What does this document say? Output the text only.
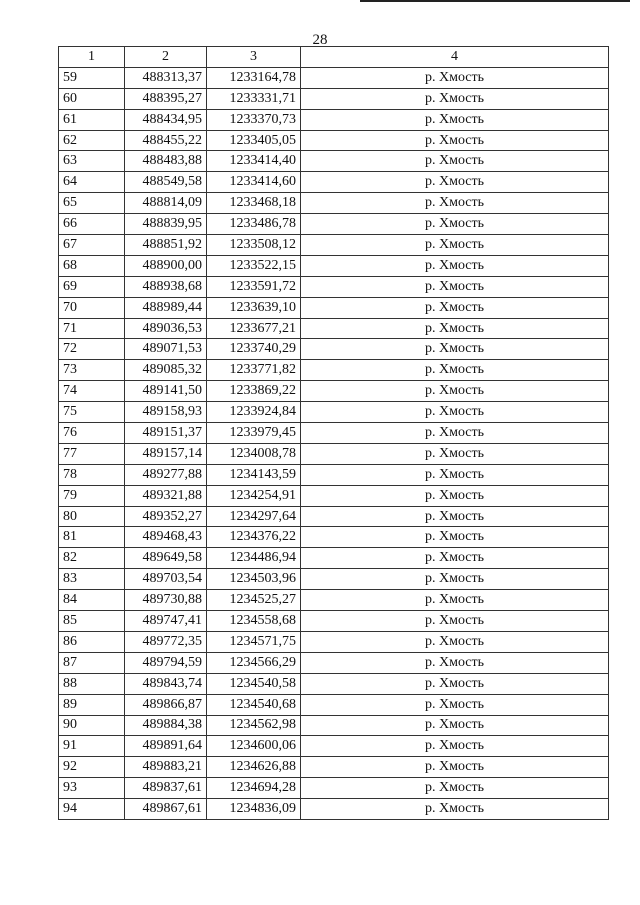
28
1	2	3	4
59	488313,37	1233164,78	р. Хмость
60	488395,27	1233331,71	р. Хмость
61	488434,95	1233370,73	р. Хмость
62	488455,22	1233405,05	р. Хмость
63	488483,88	1233414,40	р. Хмость
64	488549,58	1233414,60	р. Хмость
65	488814,09	1233468,18	р. Хмость
66	488839,95	1233486,78	р. Хмость
67	488851,92	1233508,12	р. Хмость
68	488900,00	1233522,15	р. Хмость
69	488938,68	1233591,72	р. Хмость
70	488989,44	1233639,10	р. Хмость
71	489036,53	1233677,21	р. Хмость
72	489071,53	1233740,29	р. Хмость
73	489085,32	1233771,82	р. Хмость
74	489141,50	1233869,22	р. Хмость
75	489158,93	1233924,84	р. Хмость
76	489151,37	1233979,45	р. Хмость
77	489157,14	1234008,78	р. Хмость
78	489277,88	1234143,59	р. Хмость
79	489321,88	1234254,91	р. Хмость
80	489352,27	1234297,64	р. Хмость
81	489468,43	1234376,22	р. Хмость
82	489649,58	1234486,94	р. Хмость
83	489703,54	1234503,96	р. Хмость
84	489730,88	1234525,27	р. Хмость
85	489747,41	1234558,68	р. Хмость
86	489772,35	1234571,75	р. Хмость
87	489794,59	1234566,29	р. Хмость
88	489843,74	1234540,58	р. Хмость
89	489866,87	1234540,68	р. Хмость
90	489884,38	1234562,98	р. Хмость
91	489891,64	1234600,06	р. Хмость
92	489883,21	1234626,88	р. Хмость
93	489837,61	1234694,28	р. Хмость
94	489867,61	1234836,09	р. Хмость
